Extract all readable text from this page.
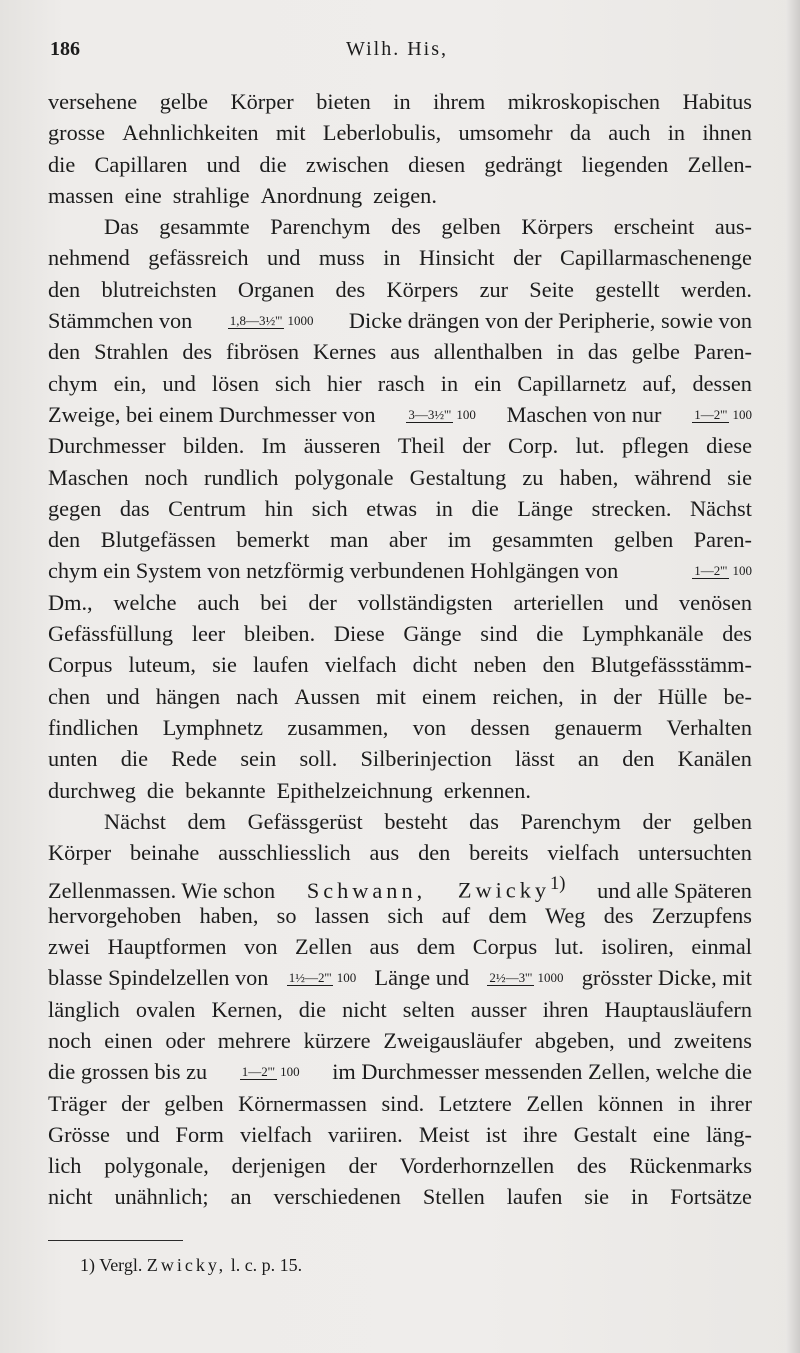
186	Wilh. His,
versehene gelbe Körper bieten in ihrem mikroskopischen Habitus
grosse Aehnlichkeiten mit Leberlobulis, umsomehr da auch in ihnen
die Capillaren und die zwischen diesen gedrängt liegenden Zellen-
massen eine strahlige Anordnung zeigen.
Das gesammte Parenchym des gelben Körpers erscheint aus-
nehmend gefässreich und muss in Hinsicht der Capillarmaschenenge
den blutreichsten Organen des Körpers zur Seite gestellt werden.
Stämmchen von	1,8—3½''' 1000 Dicke drängen von der Peripherie, sowie von
den Strahlen des fibrösen Kernes aus allenthalben in das gelbe Paren-
chym ein, und lösen sich hier rasch in ein Capillarnetz auf, dessen
Zweige, bei einem Durchmesser von	3—3½''' 100 Maschen von nur	1—2''' 100
Durchmesser bilden. Im äusseren Theil der Corp. lut. pflegen diese
Maschen noch rundlich polygonale Gestaltung zu haben, während sie
gegen das Centrum hin sich etwas in die Länge strecken. Nächst
den Blutgefässen bemerkt man aber im gesammten gelben Paren-
chym ein System von netzförmig verbundenen Hohlgängen von	1—2''' 100
Dm., welche auch bei der vollständigsten arteriellen und venösen
Gefässfüllung leer bleiben. Diese Gänge sind die Lymphkanäle des
Corpus luteum, sie laufen vielfach dicht neben den Blutgefässstämm-
chen und hängen nach Aussen mit einem reichen, in der Hülle be-
findlichen Lymphnetz zusammen, von dessen genauerm Verhalten
unten die Rede sein soll. Silberinjection lässt an den Kanälen
durchweg die bekannte Epithelzeichnung erkennen.
Nächst dem Gefässgerüst besteht das Parenchym der gelben
Körper beinahe ausschliesslich aus den bereits vielfach untersuchten
Zellenmassen. Wie schon Schwann, Zwicky$^{1)}$ und alle Späteren
hervorgehoben haben, so lassen sich auf dem Weg des Zerzupfens
zwei Hauptformen von Zellen aus dem Corpus lut. isoliren, einmal
blasse Spindelzellen von 1½—2''' 100 Länge und 2½—3''' 1000 grösster Dicke, mit
länglich ovalen Kernen, die nicht selten ausser ihren Hauptausläufern
noch einen oder mehrere kürzere Zweigausläufer abgeben, und zweitens
die grossen bis zu	1—2''' 100 im Durchmesser messenden Zellen, welche die
Träger der gelben Körnermassen sind. Letztere Zellen können in ihrer
Grösse und Form vielfach variiren. Meist ist ihre Gestalt eine läng-
lich polygonale, derjenigen der Vorderhornzellen des Rückenmarks
nicht unähnlich; an verschiedenen Stellen laufen sie in Fortsätze
1) Vergl. Zwicky, l. c. p. 15.
